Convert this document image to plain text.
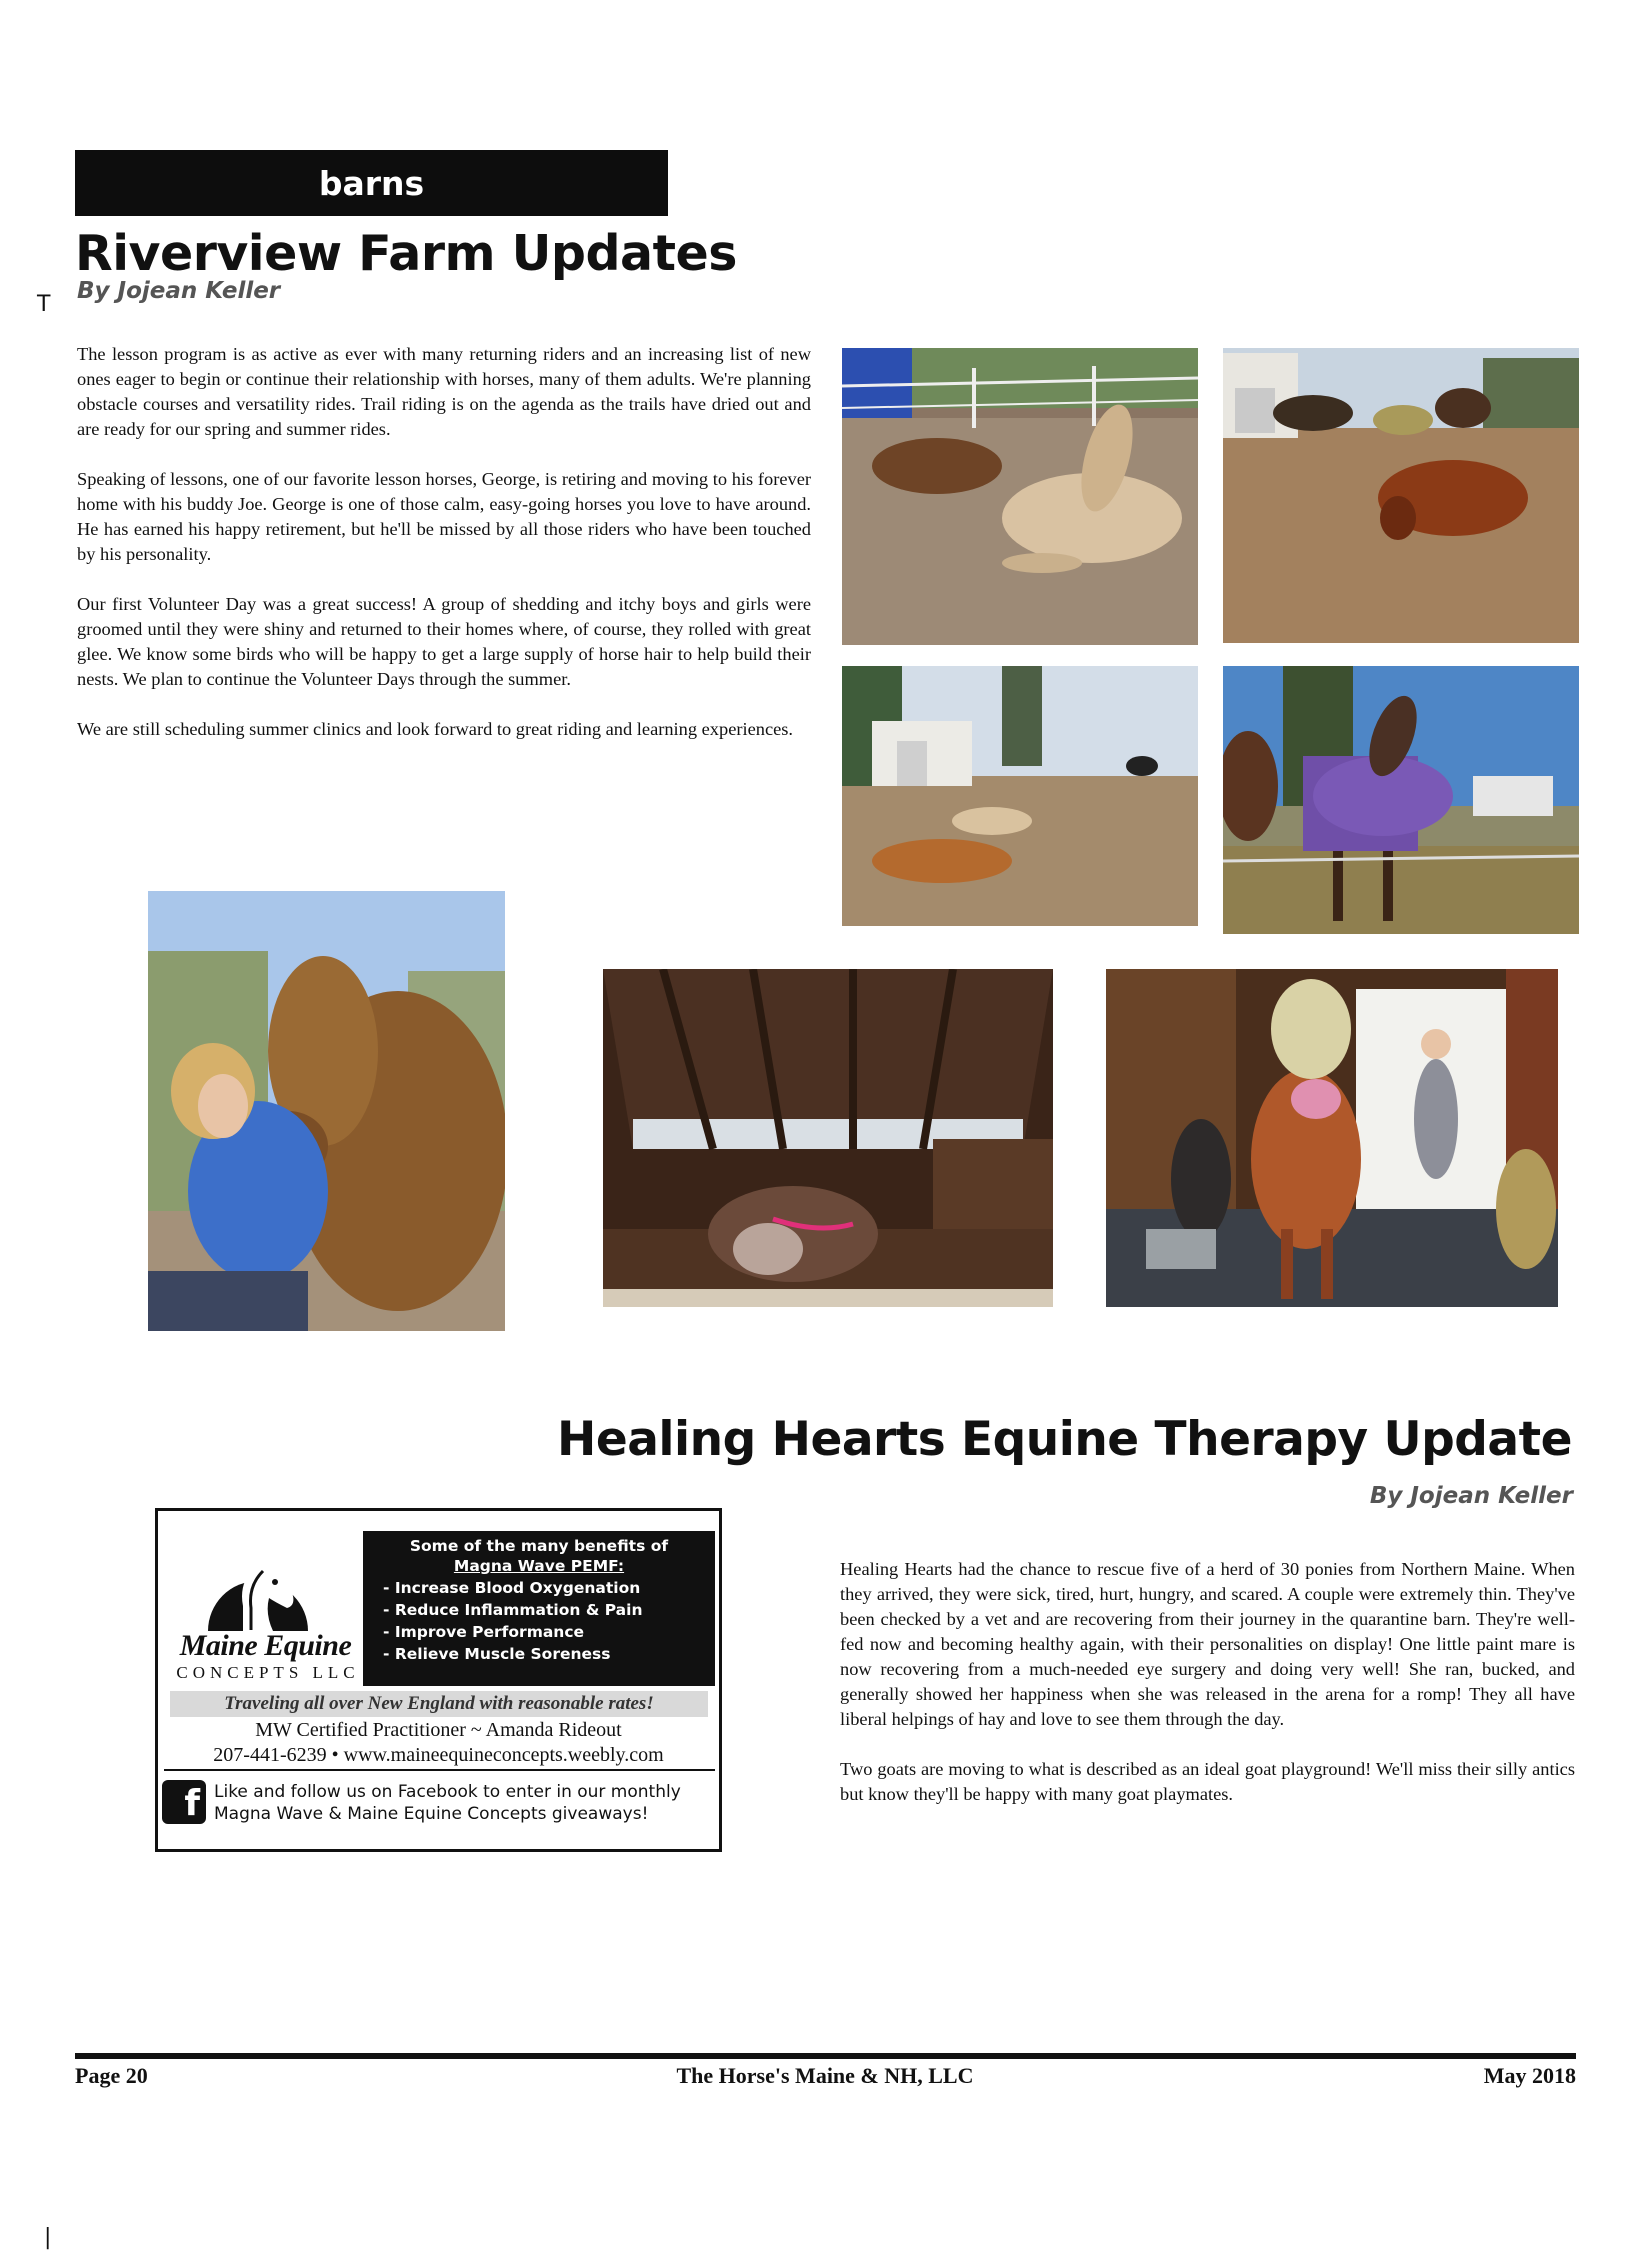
T
|
barns
Riverview Farm Updates
By Jojean Keller

The lesson program is as active as ever with many returning riders and an increasing list of new ones eager to begin or continue their relationship with horses, many of them adults. We're planning obstacle courses and versatility rides. Trail riding is on the agenda as the trails have dried out and are ready for our spring and summer rides.

Speaking of lessons, one of our favorite lesson horses, George, is retiring and moving to his forever home with his buddy Joe. George is one of those calm, easy-going horses you love to have around. He has earned his happy retirement, but he'll be missed by all those riders who have been touched by his personality.

Our first Volunteer Day was a great success! A group of shedding and itchy boys and girls were groomed until they were shiny and returned to their homes where, of course, they rolled with great glee. We know some birds who will be happy to get a large supply of horse hair to help build their nests. We plan to continue the Volunteer Days through the summer.

We are still scheduling summer clinics and look forward to great riding and learning experiences.

Healing Hearts Equine Therapy Update
By Jojean Keller

Healing Hearts had the chance to rescue five of a herd of 30 ponies from Northern Maine. When they arrived, they were sick, tired, hurt, hungry, and scared. A couple were extremely thin. They've been checked by a vet and are recovering from their journey in the quarantine barn. They're well-fed now and becoming healthy again, with their personalities on display! One little paint mare is now recovering from a much-needed eye surgery and doing very well! She ran, bucked, and generally showed her happiness when she was released in the arena for a romp! They all have liberal helpings of hay and love to see them through the day.

Two goats are moving to what is described as an ideal goat playground! We'll miss their silly antics but know they'll be happy with many goat playmates.

Maine Equine
CONCEPTS LLC
Some of the many benefits of
Magna Wave PEMF:
- Increase Blood Oxygenation
- Reduce Inflammation & Pain
- Improve Performance
- Relieve Muscle Soreness
Traveling all over New England with reasonable rates!
MW Certified Practitioner ~ Amanda Rideout
207-441-6239 • www.maineequineconcepts.weebly.com
f Like and follow us on Facebook to enter in our monthly
Magna Wave & Maine Equine Concepts giveaways!
Page 20	The Horse's Maine & NH, LLC	May 2018
